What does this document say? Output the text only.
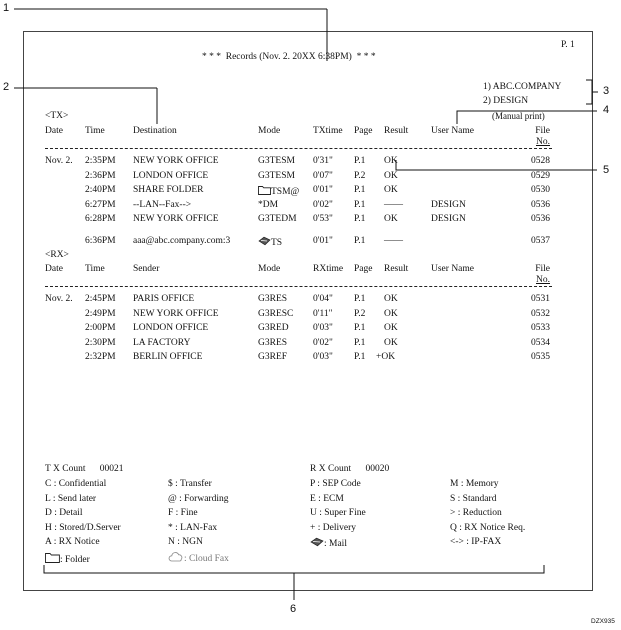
P. 1
* * * Records (Nov. 2. 20XX 6:38PM) * * *
1) ABC.COMPANY
2) DESIGN
(Manual print)
<TX>
Date Time	Destination	Mode	TXtime Page Result User Name	File
No.
Nov. 2. 2:35PM NEW YORK OFFICE	G3TESM 0'31" P.1 OK	0528
2:36PM LONDON OFFICE	G3TESM 0'07" P.2 OK	0529
2:40PM SHARE FOLDER	TSM@ 0'01" P.1 OK	0530
6:27PM --LAN--Fax-->	*DM	0'02" P.1 ――	DESIGN	0536
6:28PM NEW YORK OFFICE	G3TEDM 0'53" P.1 OK	DESIGN	0536
6:36PM aaa@abc.company.com:3	TS	0'01" P.1 ――	0537
<RX>
Date Time	Sender	Mode	RXtime Page Result User Name	File
No.
Nov. 2. 2:45PM PARIS OFFICE	G3RES	0'04" P.1 OK	0531
2:49PM NEW YORK OFFICE	G3RESC 0'11" P.2 OK	0532
2:00PM LONDON OFFICE	G3RED	0'03" P.1 OK	0533
2:30PM LA FACTORY	G3RES	0'02" P.1 OK	0534
2:32PM BERLIN OFFICE	G3REF	0'03" P.1 +OK	0535
T X Count 00021	R X Count 00020
C : Confidential	$ : Transfer	P : SEP Code	M : Memory
L : Send later	@ : Forwarding	E : ECM	S : Standard
D : Detail	F : Fine	U : Super Fine	> : Reduction
H : Stored/D.Server	* : LAN-Fax	+ : Delivery	Q : RX Notice Req.
A : RX Notice	N : NGN	: Mail	<-> : IP-FAX
: Folder	: Cloud Fax
1
2	3
4
5
6
DZX935
